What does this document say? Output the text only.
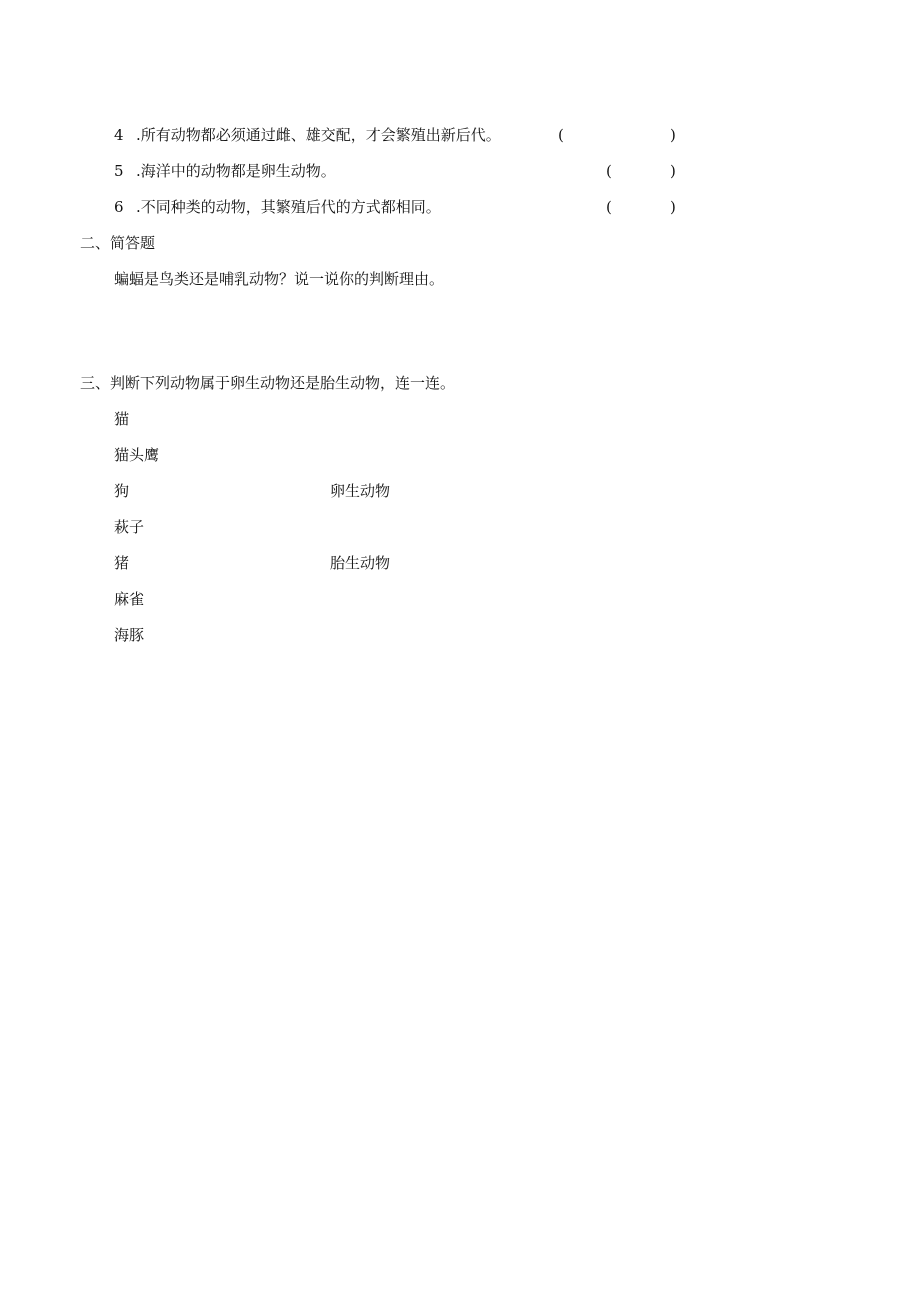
4 .所有动物都必须通过雌、雄交配，才会繁殖出新后代。	(	)
5 .海洋中的动物都是卵生动物。	(	)
6 .不同种类的动物，其繁殖后代的方式都相同。	(	)
二、简答题
蝙蝠是鸟类还是哺乳动物？说一说你的判断理由。
三、判断下列动物属于卵生动物还是胎生动物，连一连。
猫
猫头鹰
狗
萩子
猪
麻雀
海豚
卵生动物
胎生动物
